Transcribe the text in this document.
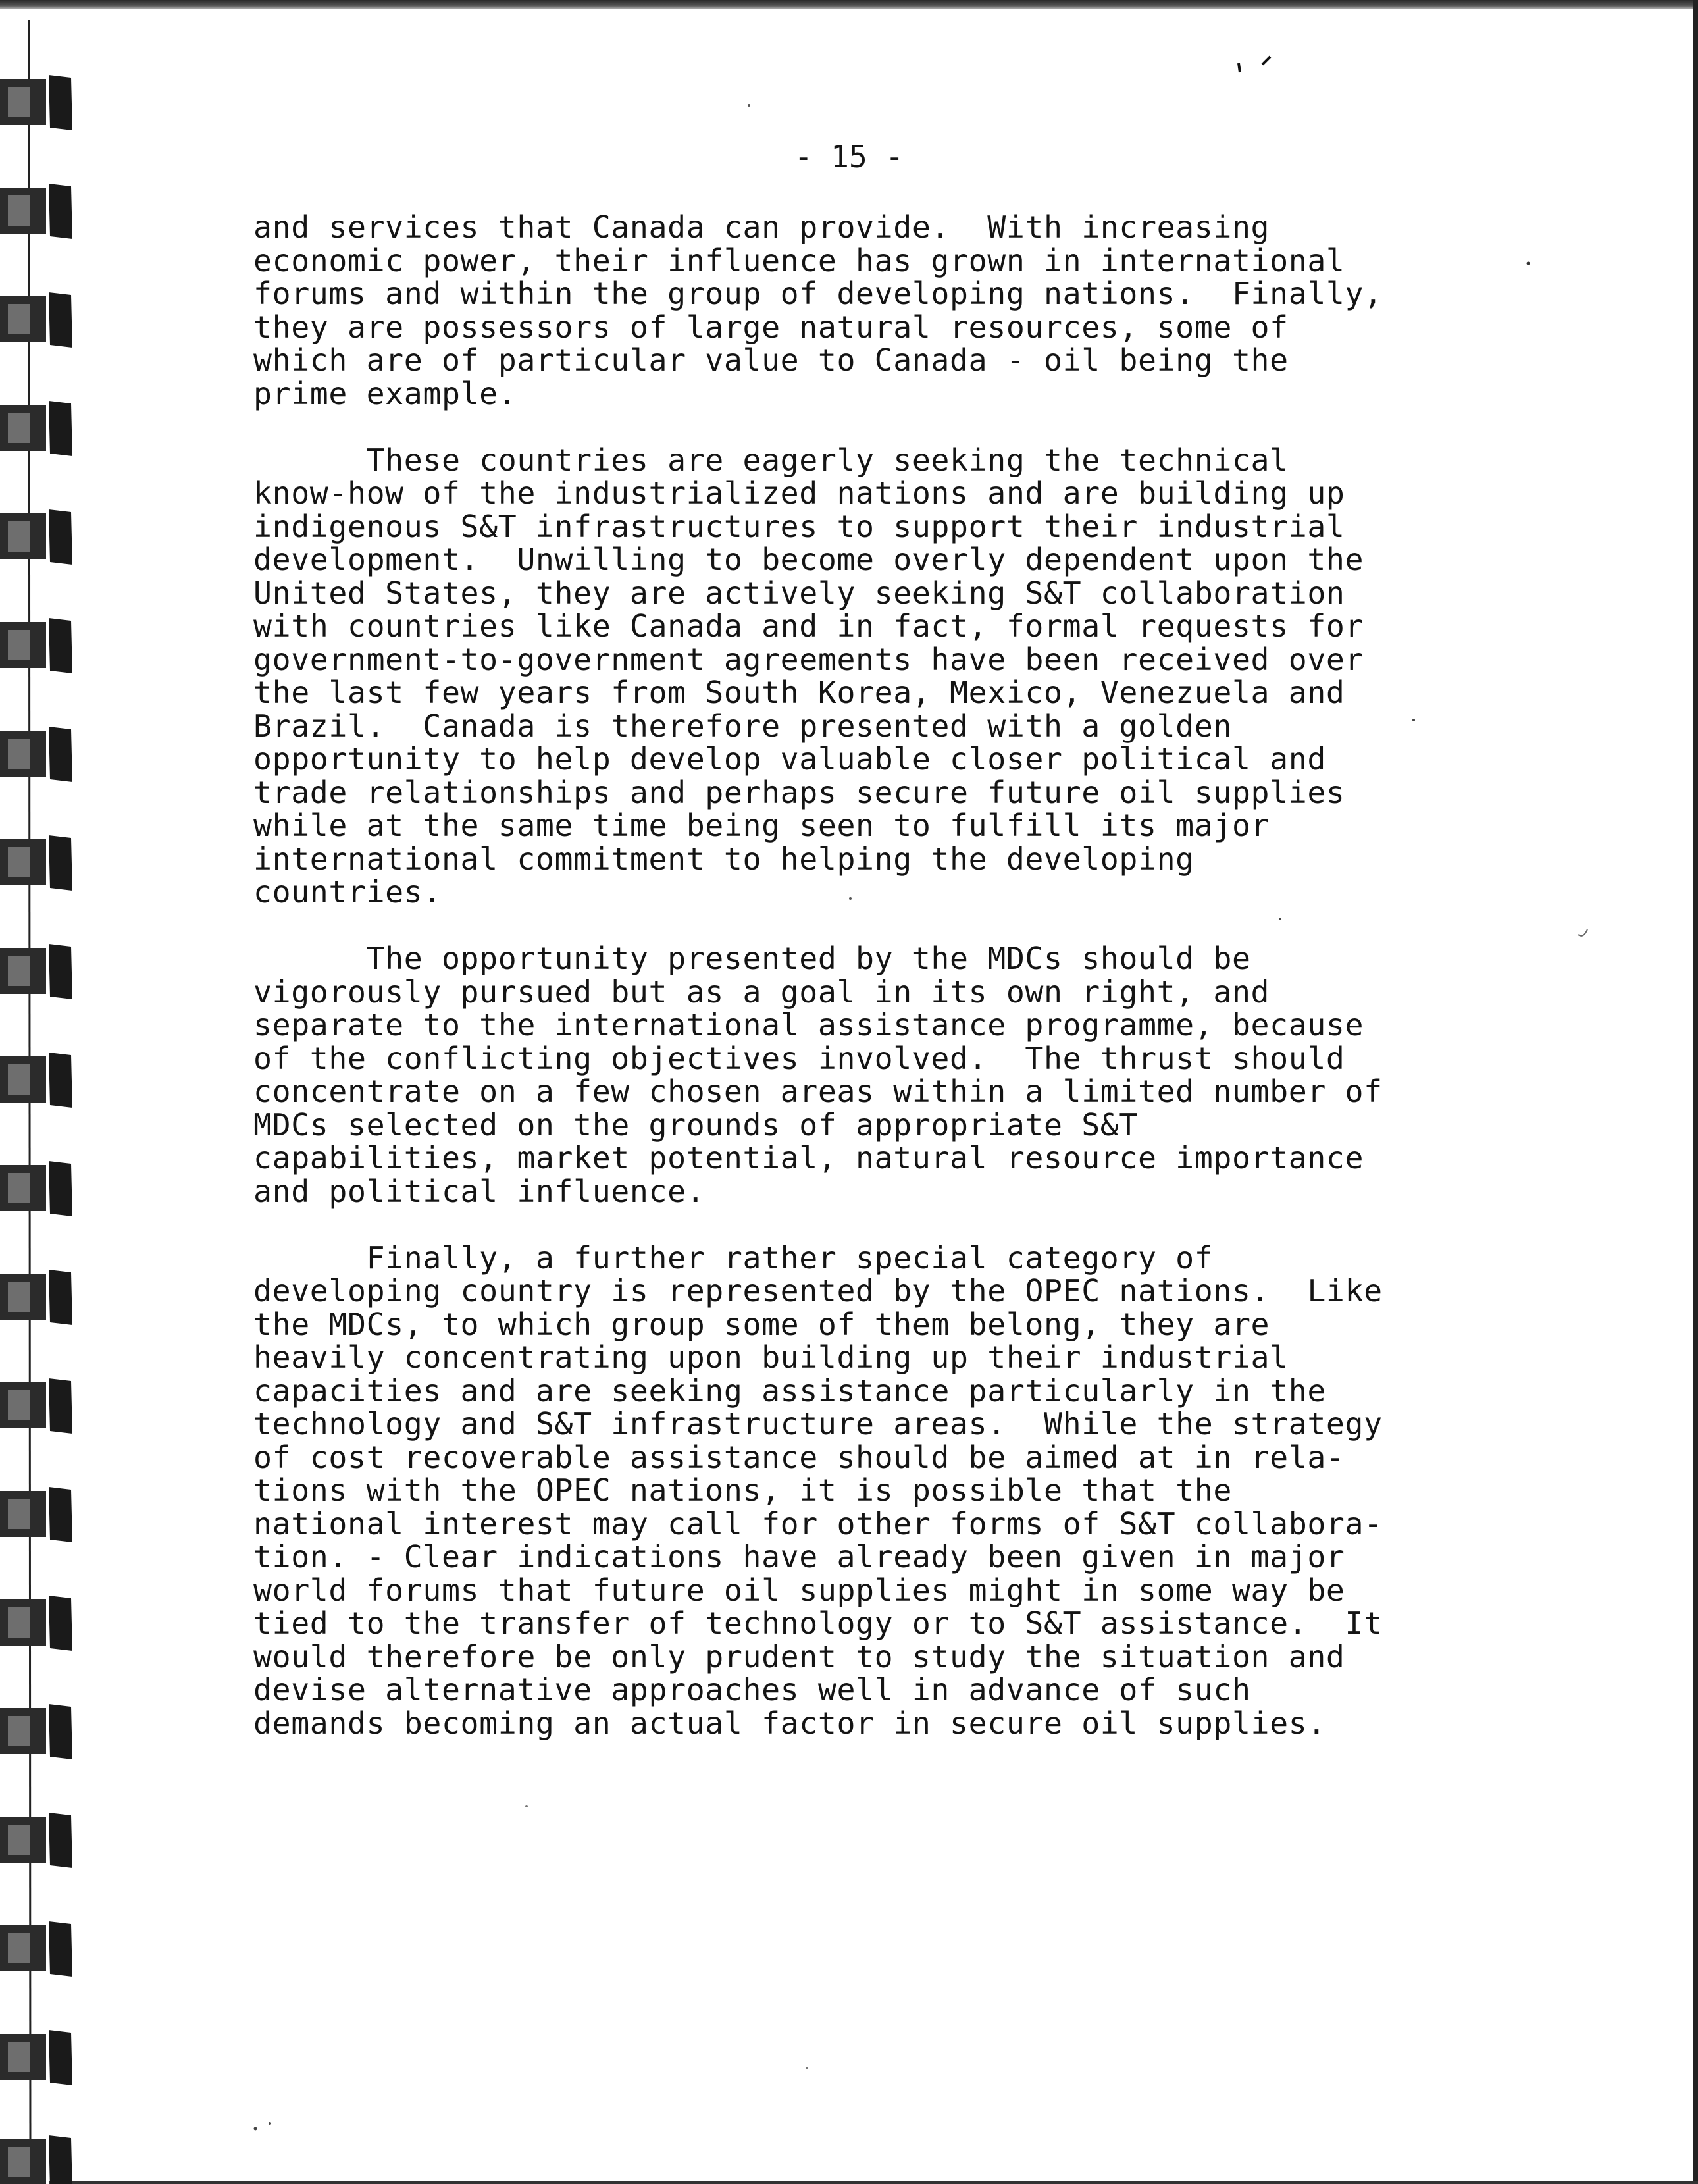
- 15 -
and services that Canada can provide.  With increasing
economic power, their influence has grown in international
forums and within the group of developing nations.  Finally,
they are possessors of large natural resources, some of
which are of particular value to Canada - oil being the
prime example.
These countries are eagerly seeking the technical
know-how of the industrialized nations and are building up
indigenous S&T infrastructures to support their industrial
development.  Unwilling to become overly dependent upon the
United States, they are actively seeking S&T collaboration
with countries like Canada and in fact, formal requests for
government-to-government agreements have been received over
the last few years from South Korea, Mexico, Venezuela and
Brazil.  Canada is therefore presented with a golden
opportunity to help develop valuable closer political and
trade relationships and perhaps secure future oil supplies
while at the same time being seen to fulfill its major
international commitment to helping the developing
countries.
The opportunity presented by the MDCs should be
vigorously pursued but as a goal in its own right, and
separate to the international assistance programme, because
of the conflicting objectives involved.  The thrust should
concentrate on a few chosen areas within a limited number of
MDCs selected on the grounds of appropriate S&T
capabilities, market potential, natural resource importance
and political influence.
Finally, a further rather special category of
developing country is represented by the OPEC nations.  Like
the MDCs, to which group some of them belong, they are
heavily concentrating upon building up their industrial
capacities and are seeking assistance particularly in the
technology and S&T infrastructure areas.  While the strategy
of cost recoverable assistance should be aimed at in rela-
tions with the OPEC nations, it is possible that the
national interest may call for other forms of S&T collabora-
tion. - Clear indications have already been given in major
world forums that future oil supplies might in some way be
tied to the transfer of technology or to S&T assistance.  It
would therefore be only prudent to study the situation and
devise alternative approaches well in advance of such
demands becoming an actual factor in secure oil supplies.
